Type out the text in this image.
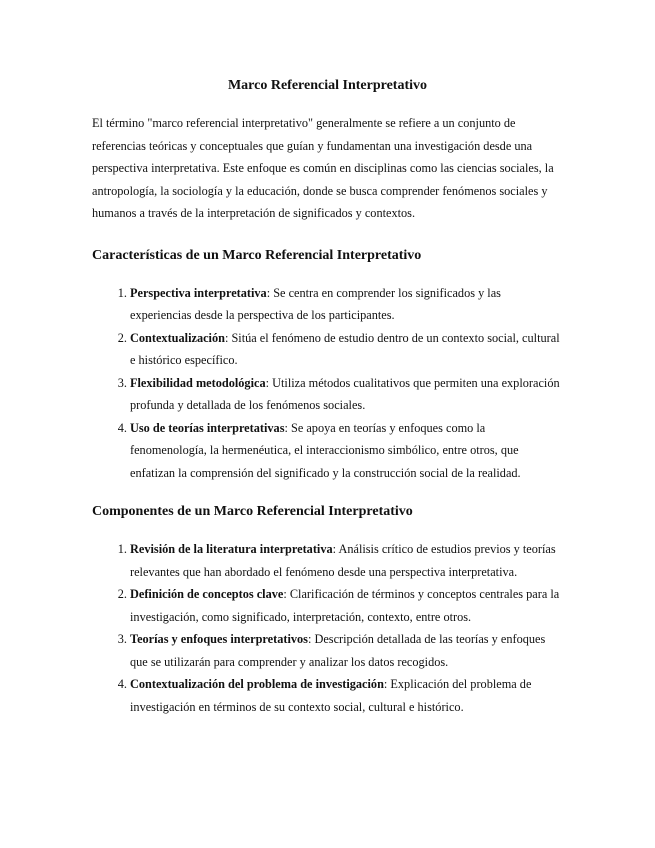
Marco Referencial Interpretativo

El término "marco referencial interpretativo" generalmente se refiere a un conjunto de referencias teóricas y conceptuales que guían y fundamentan una investigación desde una perspectiva interpretativa. Este enfoque es común en disciplinas como las ciencias sociales, la antropología, la sociología y la educación, donde se busca comprender fenómenos sociales y humanos a través de la interpretación de significados y contextos.

Características de un Marco Referencial Interpretativo
1. Perspectiva interpretativa: Se centra en comprender los significados y las experiencias desde la perspectiva de los participantes.
2. Contextualización: Sitúa el fenómeno de estudio dentro de un contexto social, cultural e histórico específico.
3. Flexibilidad metodológica: Utiliza métodos cualitativos que permiten una exploración profunda y detallada de los fenómenos sociales.
4. Uso de teorías interpretativas: Se apoya en teorías y enfoques como la fenomenología, la hermenéutica, el interaccionismo simbólico, entre otros, que enfatizan la comprensión del significado y la construcción social de la realidad.
Componentes de un Marco Referencial Interpretativo
1. Revisión de la literatura interpretativa: Análisis crítico de estudios previos y teorías relevantes que han abordado el fenómeno desde una perspectiva interpretativa.
2. Definición de conceptos clave: Clarificación de términos y conceptos centrales para la investigación, como significado, interpretación, contexto, entre otros.
3. Teorías y enfoques interpretativos: Descripción detallada de las teorías y enfoques que se utilizarán para comprender y analizar los datos recogidos.
4. Contextualización del problema de investigación: Explicación del problema de investigación en términos de su contexto social, cultural e histórico.
